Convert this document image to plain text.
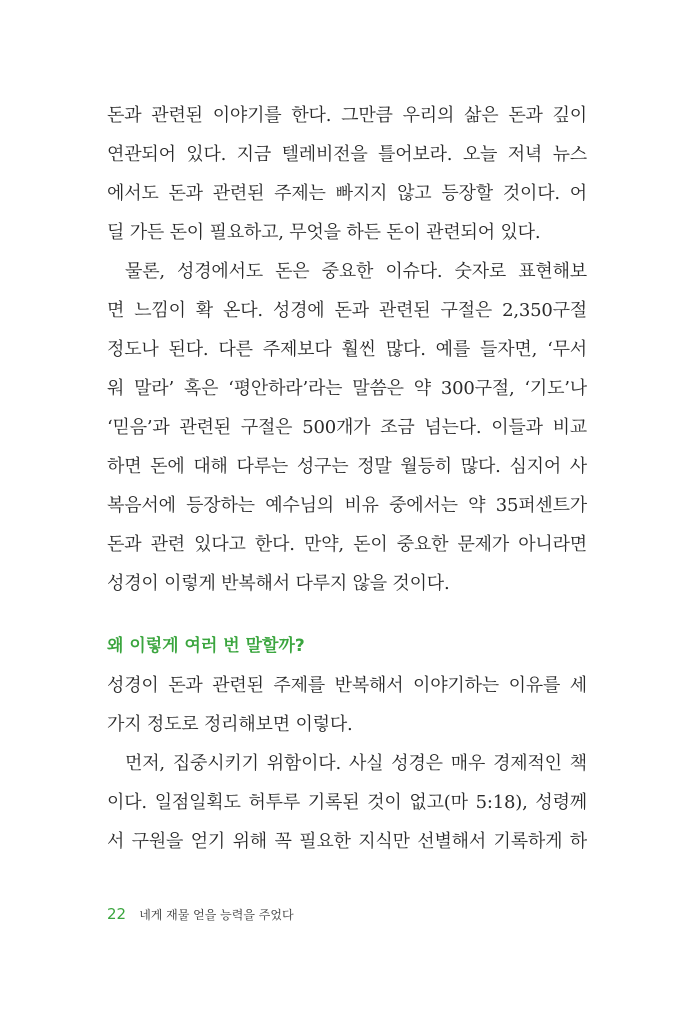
돈과 관련된 이야기를 한다. 그만큼 우리의 삶은 돈과 깊이
연관되어 있다. 지금 텔레비전을 틀어보라. 오늘 저녁 뉴스
에서도 돈과 관련된 주제는 빠지지 않고 등장할 것이다. 어
딜 가든 돈이 필요하고, 무엇을 하든 돈이 관련되어 있다.
물론, 성경에서도 돈은 중요한 이슈다. 숫자로 표현해보
면 느낌이 확 온다. 성경에 돈과 관련된 구절은 2,350구절
정도나 된다. 다른 주제보다 훨씬 많다. 예를 들자면, ‘무서
워 말라’ 혹은 ‘평안하라’라는 말씀은 약 300구절, ‘기도’나
‘믿음’과 관련된 구절은 500개가 조금 넘는다. 이들과 비교
하면 돈에 대해 다루는 성구는 정말 월등히 많다. 심지어 사
복음서에 등장하는 예수님의 비유 중에서는 약 35퍼센트가
돈과 관련 있다고 한다. 만약, 돈이 중요한 문제가 아니라면
성경이 이렇게 반복해서 다루지 않을 것이다.
왜 이렇게 여러 번 말할까?
성경이 돈과 관련된 주제를 반복해서 이야기하는 이유를 세
가지 정도로 정리해보면 이렇다.
먼저, 집중시키기 위함이다. 사실 성경은 매우 경제적인 책
이다. 일점일획도 허투루 기록된 것이 없고(마 5:18), 성령께
서 구원을 얻기 위해 꼭 필요한 지식만 선별해서 기록하게 하
22 네게 재물 얻을 능력을 주었다
